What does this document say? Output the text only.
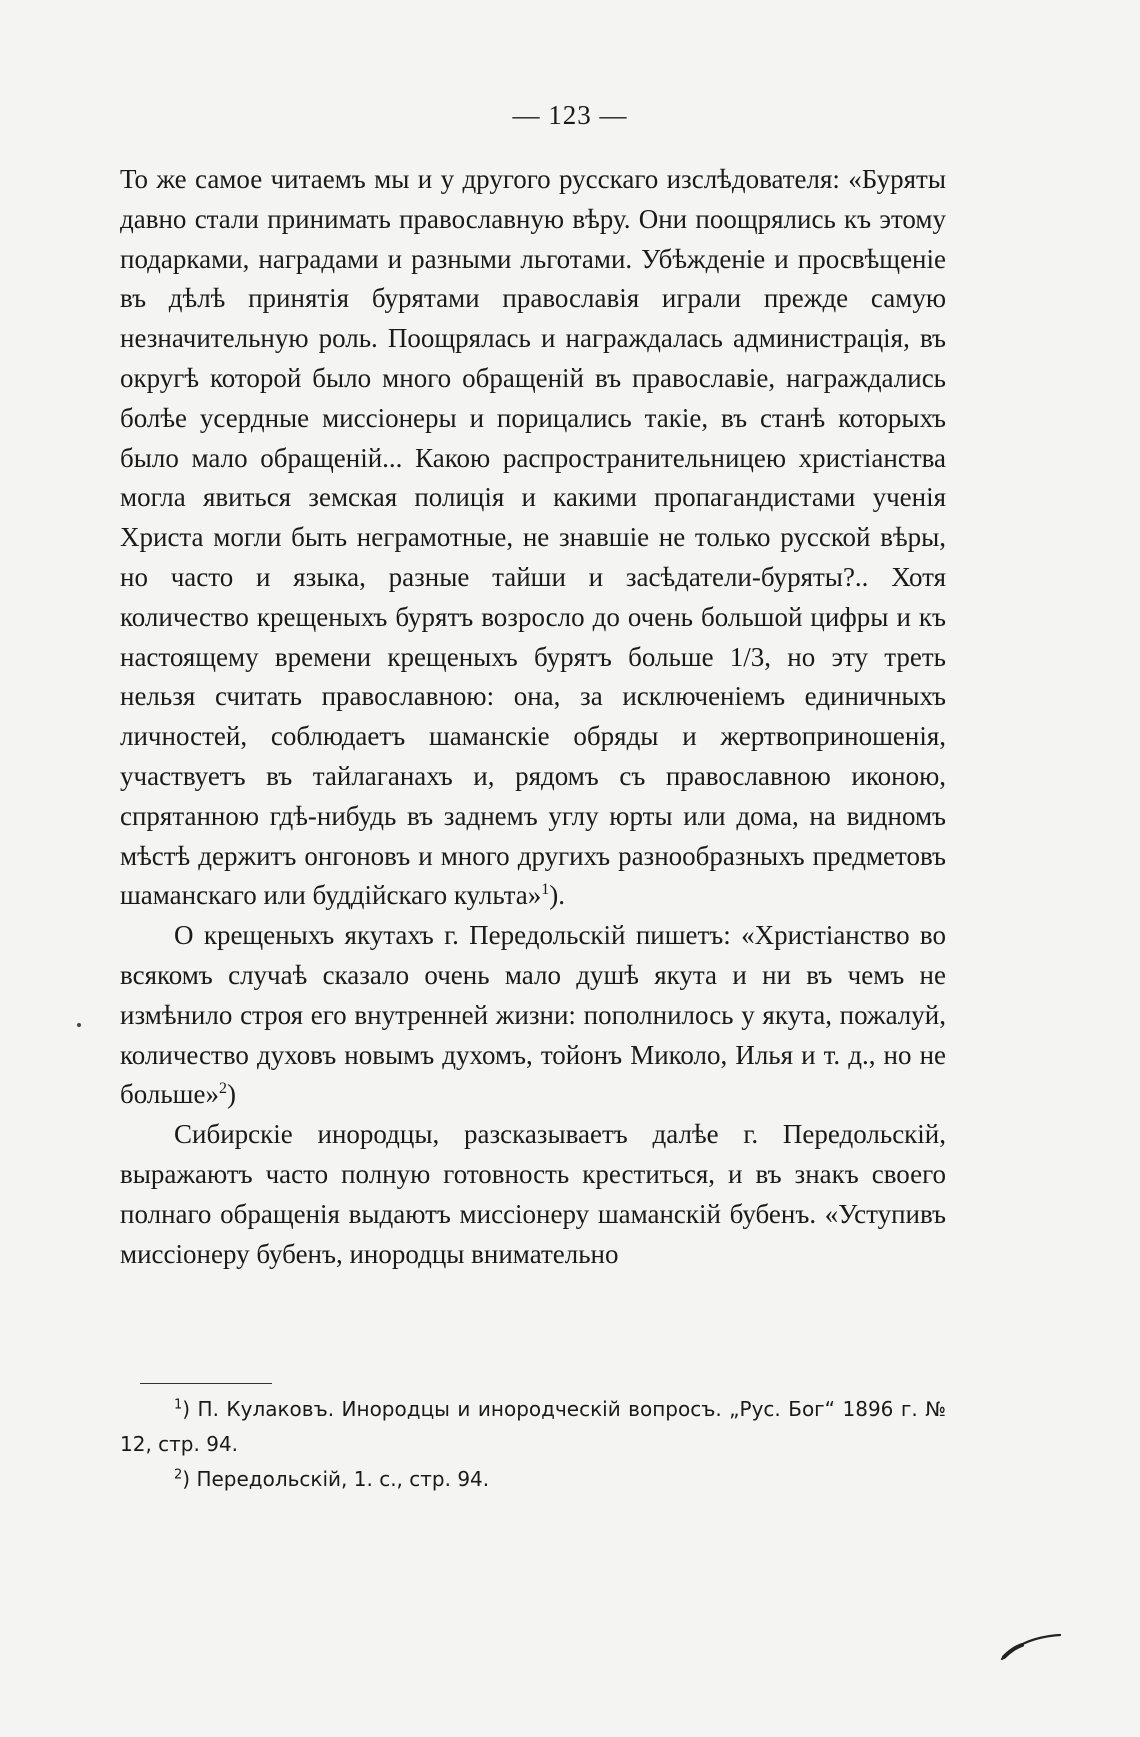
— 123 —

То же самое читаемъ мы и у другого русскаго изслѣдователя: «Буряты давно стали принимать православную вѣру. Они поощрялись къ этому подарками, наградами и разными льготами. Убѣжденіе и просвѣщеніе въ дѣлѣ принятія бурятами православія играли прежде самую незначительную роль. Поощрялась и награждалась администрація, въ округѣ которой было много обращеній въ православіе, награждались болѣе усердные миссіонеры и порицались такіе, въ станѣ которыхъ было мало обращеній... Какою распространительницею христіанства могла явиться земская полиція и какими пропагандистами ученія Христа могли быть неграмотные, не знавшіе не только русской вѣры, но часто и языка, разные тайши и засѣдатели-буряты?.. Хотя количество крещеныхъ бурятъ возросло до очень большой цифры и къ настоящему времени крещеныхъ бурятъ больше 1/3, но эту треть нельзя считать православною: она, за исключеніемъ единичныхъ личностей, соблюдаетъ шаманскіе обряды и жертвоприношенія, участвуетъ въ тайлаганахъ и, рядомъ съ православною иконою, спрятанною гдѣ-нибудь въ заднемъ углу юрты или дома, на видномъ мѣстѣ держитъ онгоновъ и много другихъ разнообразныхъ предметовъ шаманскаго или буддійскаго культа»$^1$).

О крещеныхъ якутахъ г. Передольскій пишетъ: «Христіанство во всякомъ случаѣ сказало очень мало душѣ якута и ни въ чемъ не измѣнило строя его внутренней жизни: пополнилось у якута, пожалуй, количество духовъ новымъ духомъ, тойонъ Миколо, Илья и т. д., но не больше»$^2$)

Сибирскіе инородцы, разсказываетъ далѣе г. Передольскій, выражаютъ часто полную готовность креститься, и въ знакъ своего полнаго обращенія выдаютъ миссіонеру шаманскій бубенъ. «Уступивъ миссіонеру бубенъ, инородцы внимательно

$^1$) П. Кулаковъ. Инородцы и инородческій вопросъ. „Рус. Бог“ 1896 г. № 12, стр. 94.

$^2$) Передольскій, 1. с., стр. 94.
